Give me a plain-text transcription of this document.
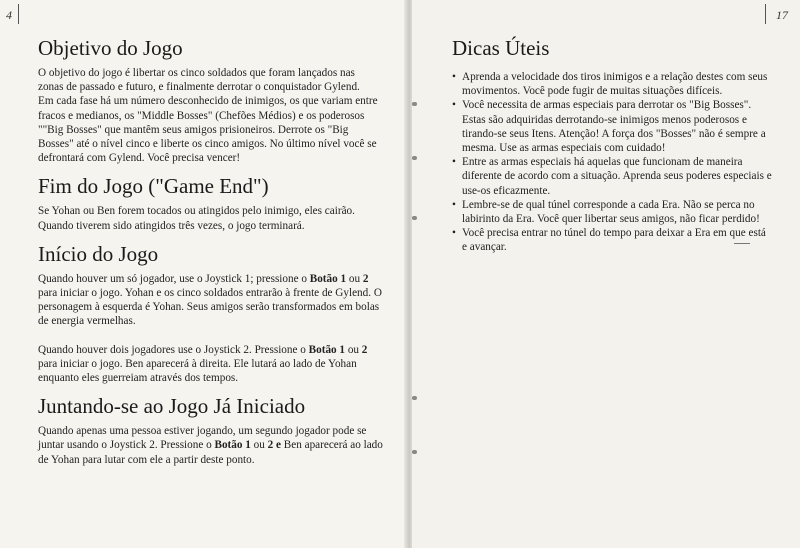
4
Objetivo do Jogo

O objetivo do jogo é libertar os cinco soldados que foram lançados nas zonas de passado e futuro, e finalmente derrotar o conquistador Gylend.

Em cada fase há um número desconhecido de inimigos, os que variam entre fracos e medianos, os "Middle Bosses" (Chefões Médios) e os poderosos ""Big Bosses" que mantêm seus amigos prisioneiros. Derrote os "Big Bosses" até o nível cinco e liberte os cinco amigos. No último nível você se defrontará com Gylend. Você precisa vencer!

Fim do Jogo ("Game End")

Se Yohan ou Ben forem tocados ou atingidos pelo inimigo, eles cairão. Quando tiverem sido atingidos três vezes, o jogo terminará.

Início do Jogo

Quando houver um só jogador, use o Joystick 1; pressione o Botão 1 ou 2 para iniciar o jogo. Yohan e os cinco soldados entrarão à frente de Gylend. O personagem à esquerda é Yohan. Seus amigos serão transformados em bolas de energia vermelhas.

Quando houver dois jogadores use o Joystick 2. Pressione o Botão 1 ou 2 para iniciar o jogo. Ben aparecerá à direita. Ele lutará ao lado de Yohan enquanto eles guerreiam através dos tempos.

Juntando-se ao Jogo Já Iniciado

Quando apenas uma pessoa estiver jogando, um segundo jogador pode se juntar usando o Joystick 2. Pressione o Botão 1 ou 2 e Ben aparecerá ao lado de Yohan para lutar com ele a partir deste ponto.

17
Dicas Úteis
• Aprenda a velocidade dos tiros inimigos e a relação destes com seus movimentos. Você pode fugir de muitas situações difíceis.
• Você necessita de armas especiais para derrotar os "Big Bosses". Estas são adquiridas derrotando-se inimigos menos poderosos e tirando-se seus Itens. Atenção! A força dos "Bosses" não é sempre a mesma. Use as armas especiais com cuidado!
• Entre as armas especiais há aquelas que funcionam de maneira diferente de acordo com a situação. Aprenda seus poderes especiais e use-os eficazmente.
• Lembre-se de qual túnel corresponde a cada Era. Não se perca no labirinto da Era. Você quer libertar seus amigos, não ficar perdido!
• Você precisa entrar no túnel do tempo para deixar a Era em que está e avançar.
